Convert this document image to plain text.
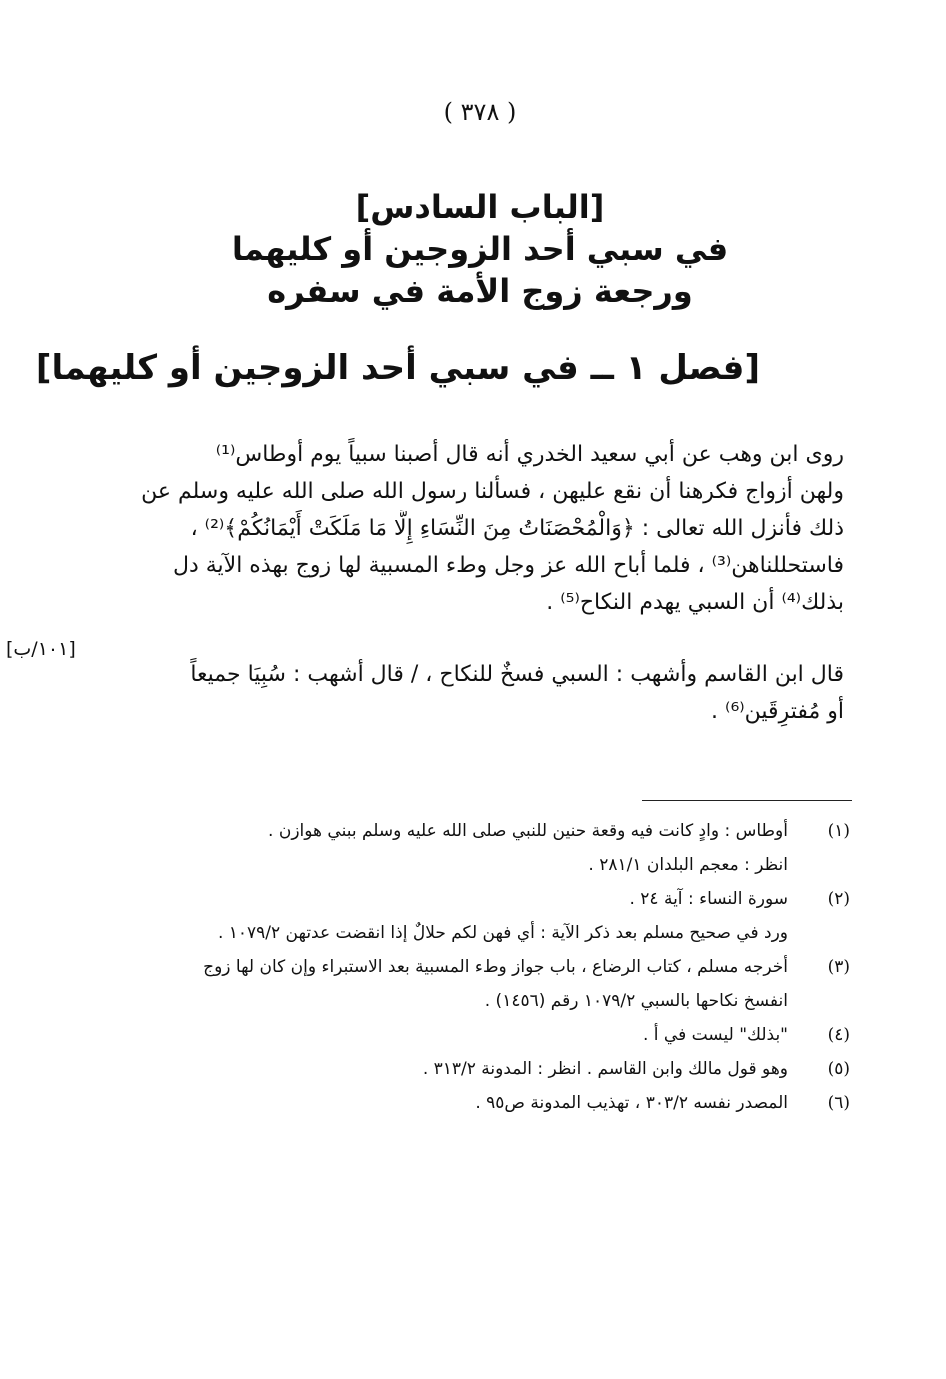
( ٣٧٨ )
[الباب السادس]
في سبي أحد الزوجين أو كليهما
ورجعة زوج الأمة في سفره
[فصل ١ ــ في سبي أحد الزوجين أو كليهما]
روى ابن وهب عن أبي سعيد الخدري أنه قال أصبنا سبياً يوم أوطاس⁽¹⁾
ولهن أزواج فكرهنا أن نقع عليهن ، فسألنا رسول الله صلى الله عليه وسلم عن
ذلك فأنزل الله تعالى : ﴿وَالْمُحْصَنَاتُ مِنَ النِّسَاءِ إِلَّا مَا مَلَكَتْ أَيْمَانُكُمْ﴾⁽²⁾ ،
فاستحللناهن⁽³⁾ ، فلما أباح الله عز وجل وطء المسبية لها زوج بهذه الآية دل
بذلك⁽⁴⁾ أن السبي يهدم النكاح⁽⁵⁾ .
قال ابن القاسم وأشهب : السبي فسخٌ للنكاح ، / قال أشهب : سُبِيَا جميعاً
أو مُفترِقَين⁽⁶⁾ .
[١٠١/ب]
(١)
أوطاس : وادٍ كانت فيه وقعة حنين للنبي صلى الله عليه وسلم ببني هوازن .
انظر : معجم البلدان ٢٨١/١ .
(٢)
سورة النساء : آية ٢٤ .
ورد في صحيح مسلم بعد ذكر الآية : أي فهن لكم حلالٌ إذا انقضت عدتهن ١٠٧٩/٢ .
(٣)
أخرجه مسلم ، كتاب الرضاع ، باب جواز وطء المسبية بعد الاستبراء وإن كان لها زوج
انفسخ نكاحها بالسبي ١٠٧٩/٢ رقم (١٤٥٦) .
(٤)
"بذلك" ليست في أ .
(٥)
وهو قول مالك وابن القاسم . انظر : المدونة ٣١٣/٢ .
(٦)
المصدر نفسه ٣٠٣/٢ ، تهذيب المدونة ص٩٥ .
